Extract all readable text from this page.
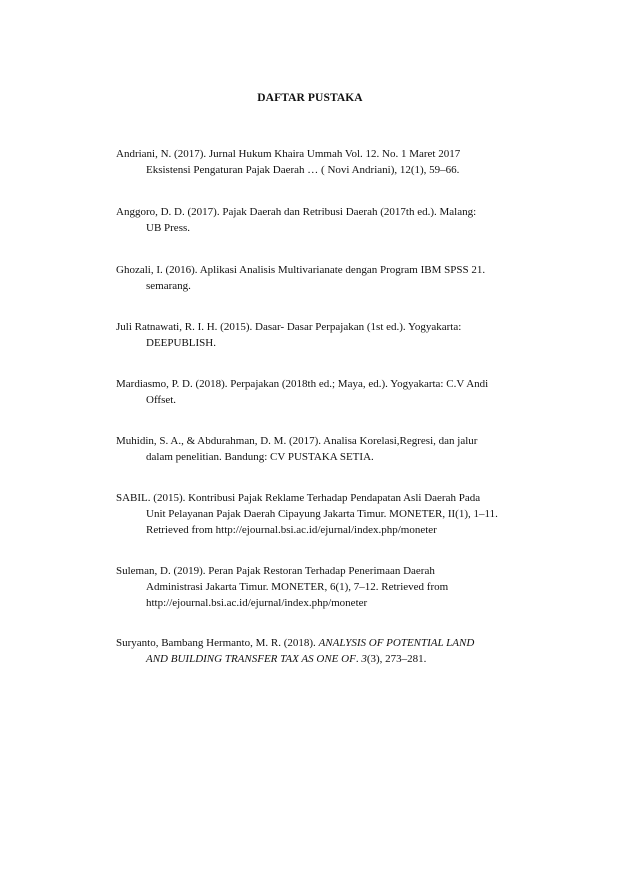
DAFTAR PUSTAKA
Andriani, N. (2017). Jurnal Hukum Khaira Ummah Vol. 12. No. 1 Maret 2017
Eksistensi Pengaturan Pajak Daerah … ( Novi Andriani), 12(1), 59–66.
Anggoro, D. D. (2017). Pajak Daerah dan Retribusi Daerah (2017th ed.). Malang:
UB Press.
Ghozali, I. (2016). Aplikasi Analisis Multivarianate dengan Program IBM SPSS 21.
semarang.
Juli Ratnawati, R. I. H. (2015). Dasar- Dasar Perpajakan (1st ed.). Yogyakarta:
DEEPUBLISH.
Mardiasmo, P. D. (2018). Perpajakan (2018th ed.; Maya, ed.). Yogyakarta: C.V Andi
Offset.
Muhidin, S. A., & Abdurahman, D. M. (2017). Analisa Korelasi,Regresi, dan jalur
dalam penelitian. Bandung: CV PUSTAKA SETIA.
SABIL. (2015). Kontribusi Pajak Reklame Terhadap Pendapatan Asli Daerah Pada
Unit Pelayanan Pajak Daerah Cipayung Jakarta Timur. MONETER, II(1), 1–11.
Retrieved from http://ejournal.bsi.ac.id/ejurnal/index.php/moneter
Suleman, D. (2019). Peran Pajak Restoran Terhadap Penerimaan Daerah
Administrasi Jakarta Timur. MONETER, 6(1), 7–12. Retrieved from
http://ejournal.bsi.ac.id/ejurnal/index.php/moneter
Suryanto, Bambang Hermanto, M. R. (2018). ANALYSIS OF POTENTIAL LAND
AND BUILDING TRANSFER TAX AS ONE OF. 3(3), 273–281.
